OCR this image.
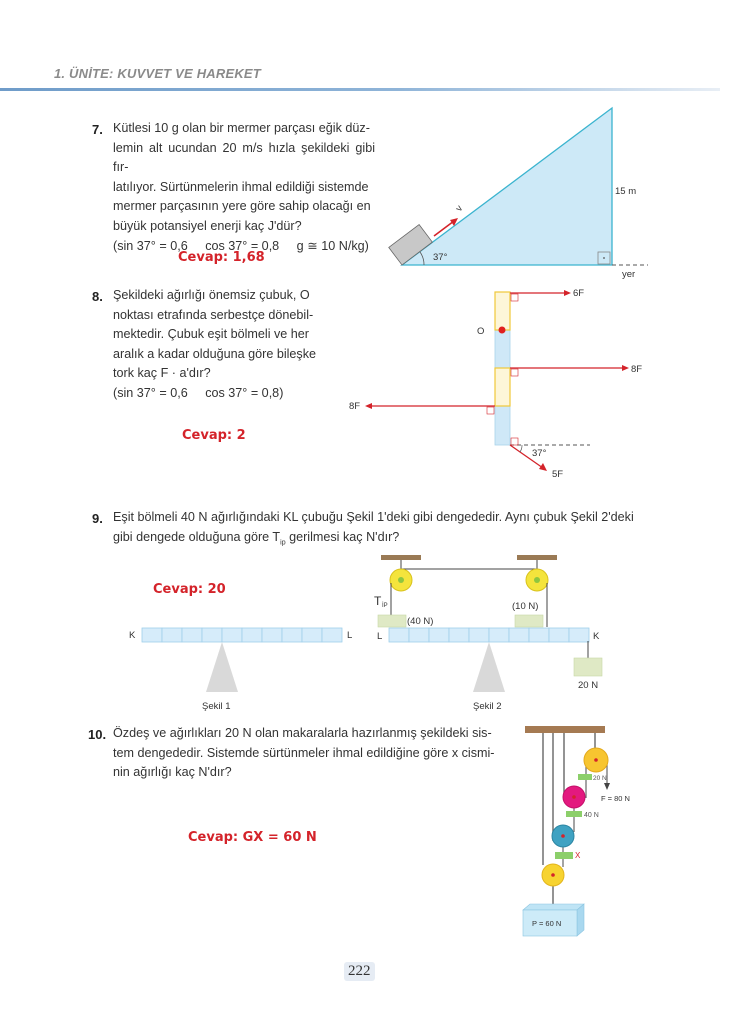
1. ÜNİTE: KUVVET VE HAREKET
7. Kütlesi 10 g olan bir mermer parçası eğik düz-

lemin alt ucundan 20 m/s hızla şekildeki gibi fır-

latılıyor. Sürtünmelerin ihmal edildiği sistemde

mermer parçasının yere göre sahip olacağı en

büyük potansiyel enerji kaç J'dür?

(sin 37° = 0,6     cos 37° = 0,8     g ≅ 10 N/kg)

Cevap: 1,68
v
37°
15 m
yer
8. Şekildeki ağırlığı önemsiz çubuk, O

noktası etrafında serbestçe dönebil-

mektedir. Çubuk eşit bölmeli ve her

aralık a kadar olduğuna göre bileşke

tork kaç F · a'dır?

(sin 37° = 0,6     cos 37° = 0,8)

Cevap: 2
O
6F
8F
8F
5F
37°
9. Eşit bölmeli 40 N ağırlığındaki KL çubuğu Şekil 1'deki gibi dengededir. Aynı çubuk Şekil 2'deki

gibi dengede olduğuna göre $T_{ip}$ gerilmesi kaç N'dır?

Cevap: 20
K	L
Şekil 1
T İP
(40 N)
(10 N)
L	K
20 N
Şekil 2
10. Özdeş ve ağırlıkları 20 N olan makaralarla hazırlanmış şekildeki sis-

tem dengededir. Sistemde sürtünmeler ihmal edildiğine göre x cismi-

nin ağırlığı kaç N'dır?

Cevap: GX = 60 N
20 N
F = 80 N
40 N
X
P = 60 N
222
